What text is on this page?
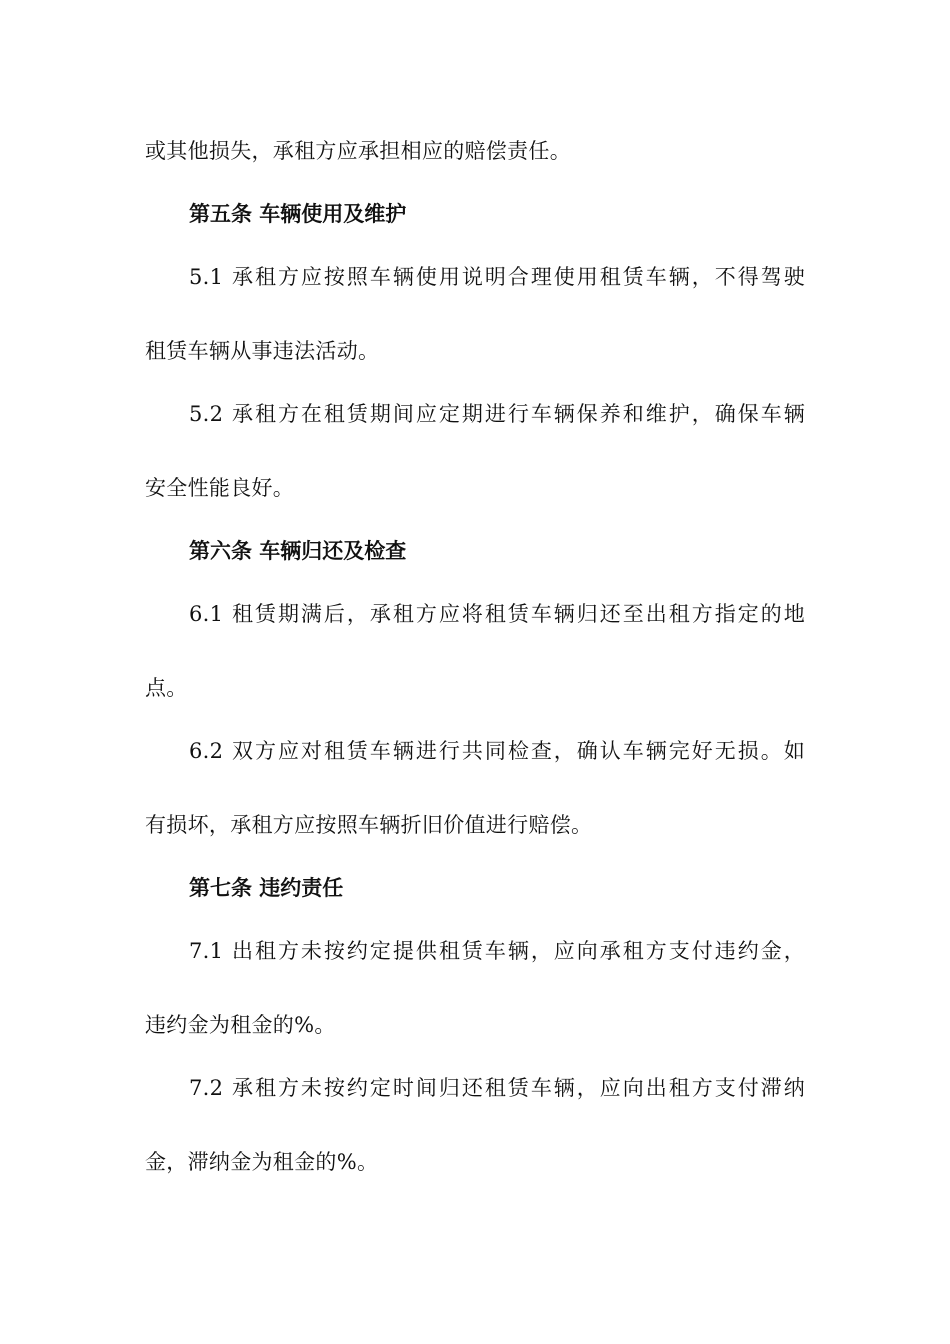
或其他损失，承租方应承担相应的赔偿责任。
第五条 车辆使用及维护
5.1 承租方应按照车辆使用说明合理使用租赁车辆，不得驾驶
租赁车辆从事违法活动。
5.2 承租方在租赁期间应定期进行车辆保养和维护，确保车辆
安全性能良好。
第六条 车辆归还及检查
6.1 租赁期满后，承租方应将租赁车辆归还至出租方指定的地
点。
6.2 双方应对租赁车辆进行共同检查，确认车辆完好无损。如
有损坏，承租方应按照车辆折旧价值进行赔偿。
第七条 违约责任
7.1 出租方未按约定提供租赁车辆，应向承租方支付违约金，
违约金为租金的%。
7.2 承租方未按约定时间归还租赁车辆，应向出租方支付滞纳
金，滞纳金为租金的%。
